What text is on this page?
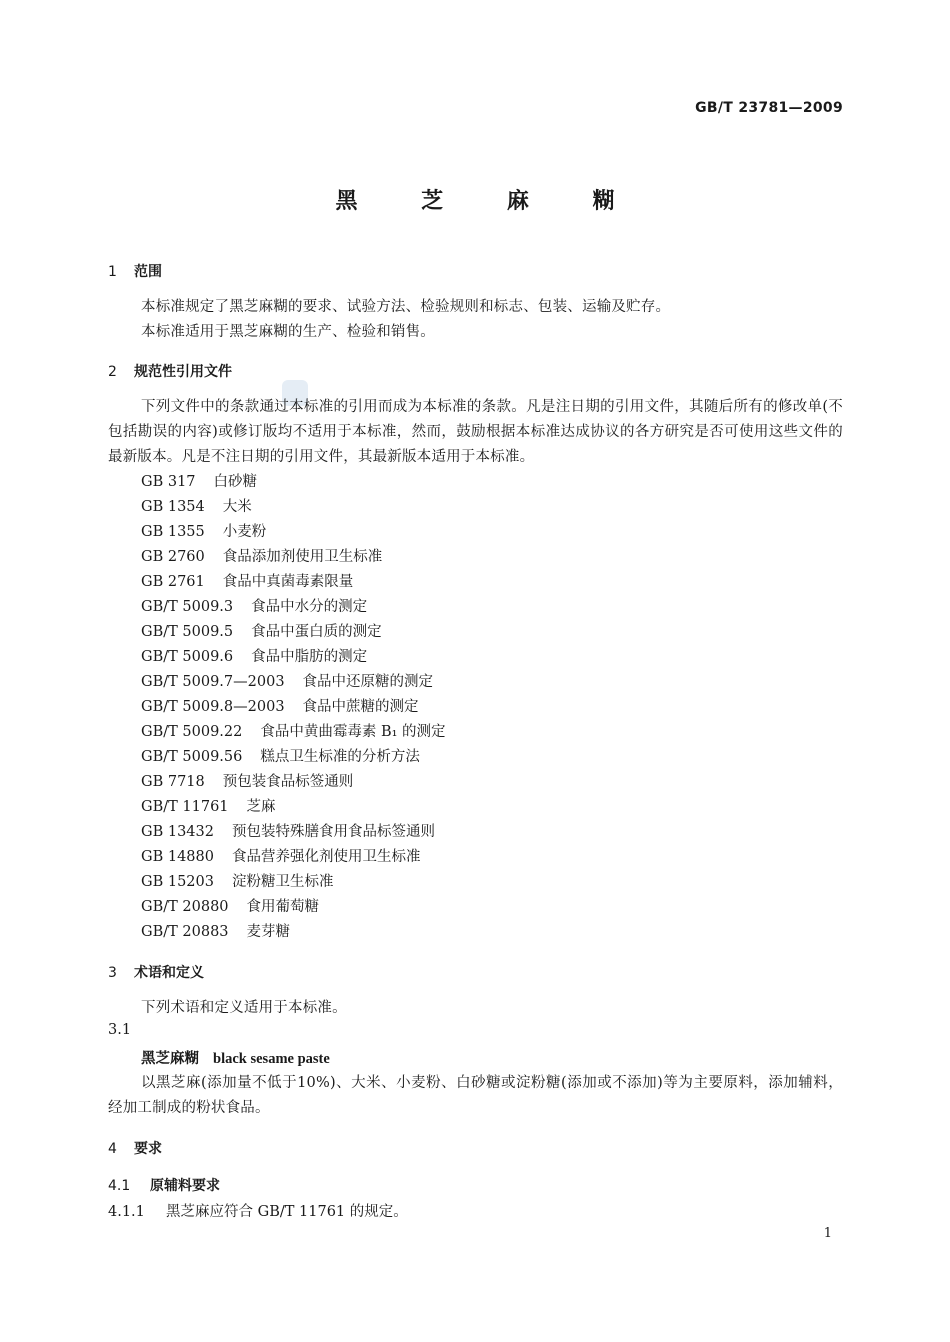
GB/T 23781—2009
黑 芝 麻 糊
1 范围
本标准规定了黑芝麻糊的要求、试验方法、检验规则和标志、包装、运输及贮存。
本标准适用于黑芝麻糊的生产、检验和销售。
2 规范性引用文件
下列文件中的条款通过本标准的引用而成为本标准的条款。凡是注日期的引用文件，其随后所有的修改单(不包括勘误的内容)或修订版均不适用于本标准，然而，鼓励根据本标准达成协议的各方研究是否可使用这些文件的最新版本。凡是不注日期的引用文件，其最新版本适用于本标准。
GB 317 白砂糖
GB 1354 大米
GB 1355 小麦粉
GB 2760 食品添加剂使用卫生标准
GB 2761 食品中真菌毒素限量
GB/T 5009.3 食品中水分的测定
GB/T 5009.5 食品中蛋白质的测定
GB/T 5009.6 食品中脂肪的测定
GB/T 5009.7—2003 食品中还原糖的测定
GB/T 5009.8—2003 食品中蔗糖的测定
GB/T 5009.22 食品中黄曲霉毒素 B₁ 的测定
GB/T 5009.56 糕点卫生标准的分析方法
GB 7718 预包装食品标签通则
GB/T 11761 芝麻
GB 13432 预包装特殊膳食用食品标签通则
GB 14880 食品营养强化剂使用卫生标准
GB 15203 淀粉糖卫生标准
GB/T 20880 食用葡萄糖
GB/T 20883 麦芽糖
3 术语和定义
下列术语和定义适用于本标准。
3.1
黑芝麻糊 black sesame paste
以黑芝麻(添加量不低于10%)、大米、小麦粉、白砂糖或淀粉糖(添加或不添加)等为主要原料，添加辅料，经加工制成的粉状食品。
4 要求
4.1 原辅料要求
4.1.1 黑芝麻应符合 GB/T 11761 的规定。
1
